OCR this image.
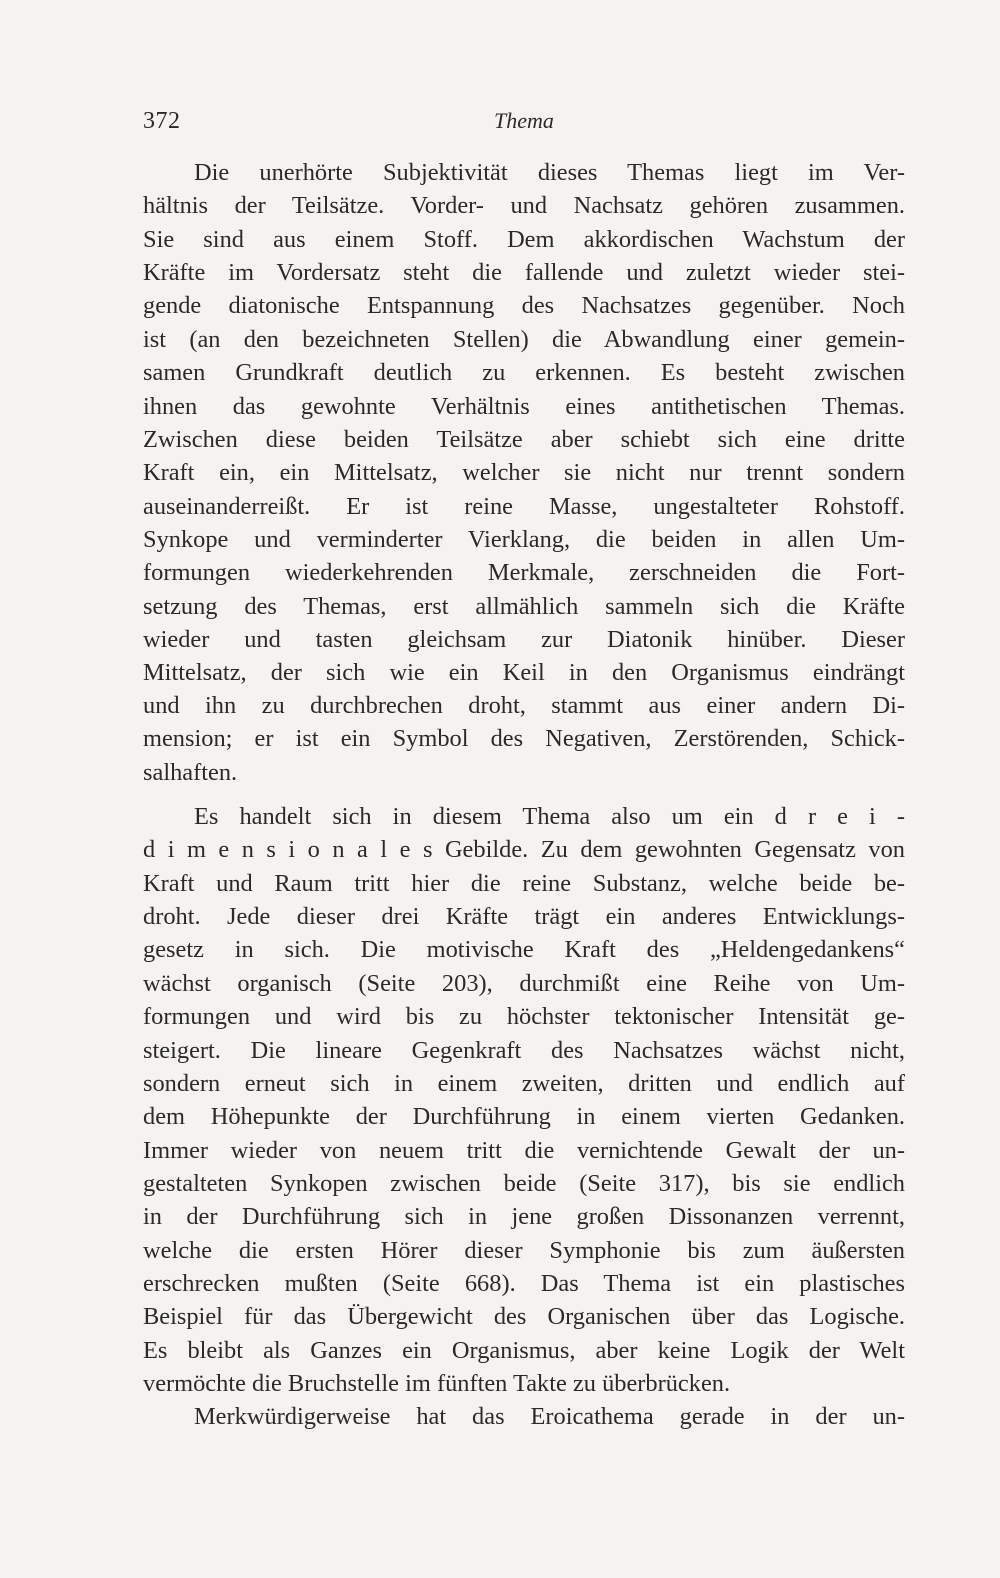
372	Thema
Die unerhörte Subjektivität dieses Themas liegt im Ver-
hältnis der Teilsätze. Vorder- und Nachsatz gehören zusammen.
Sie sind aus einem Stoff. Dem akkordischen Wachstum der
Kräfte im Vordersatz steht die fallende und zuletzt wieder stei-
gende diatonische Entspannung des Nachsatzes gegenüber. Noch
ist (an den bezeichneten Stellen) die Abwandlung einer gemein-
samen Grundkraft deutlich zu erkennen. Es besteht zwischen
ihnen das gewohnte Verhältnis eines antithetischen Themas.
Zwischen diese beiden Teilsätze aber schiebt sich eine dritte
Kraft ein, ein Mittelsatz, welcher sie nicht nur trennt sondern
auseinanderreißt. Er ist reine Masse, ungestalteter Rohstoff.
Synkope und verminderter Vierklang, die beiden in allen Um-
formungen wiederkehrenden Merkmale, zerschneiden die Fort-
setzung des Themas, erst allmählich sammeln sich die Kräfte
wieder und tasten gleichsam zur Diatonik hinüber. Dieser
Mittelsatz, der sich wie ein Keil in den Organismus eindrängt
und ihn zu durchbrechen droht, stammt aus einer andern Di-
mension; er ist ein Symbol des Negativen, Zerstörenden, Schick-
salhaften.
Es handelt sich in diesem Thema also um ein d r e i -
d i m e n s i o n a l e s Gebilde. Zu dem gewohnten Gegensatz von
Kraft und Raum tritt hier die reine Substanz, welche beide be-
droht. Jede dieser drei Kräfte trägt ein anderes Entwicklungs-
gesetz in sich. Die motivische Kraft des „Heldengedankens“
wächst organisch (Seite 203), durchmißt eine Reihe von Um-
formungen und wird bis zu höchster tektonischer Intensität ge-
steigert. Die lineare Gegenkraft des Nachsatzes wächst nicht,
sondern erneut sich in einem zweiten, dritten und endlich auf
dem Höhepunkte der Durchführung in einem vierten Gedanken.
Immer wieder von neuem tritt die vernichtende Gewalt der un-
gestalteten Synkopen zwischen beide (Seite 317), bis sie endlich
in der Durchführung sich in jene großen Dissonanzen verrennt,
welche die ersten Hörer dieser Symphonie bis zum äußersten
erschrecken mußten (Seite 668). Das Thema ist ein plastisches
Beispiel für das Übergewicht des Organischen über das Logische.
Es bleibt als Ganzes ein Organismus, aber keine Logik der Welt
vermöchte die Bruchstelle im fünften Takte zu überbrücken.
Merkwürdigerweise hat das Eroicathema gerade in der un-
